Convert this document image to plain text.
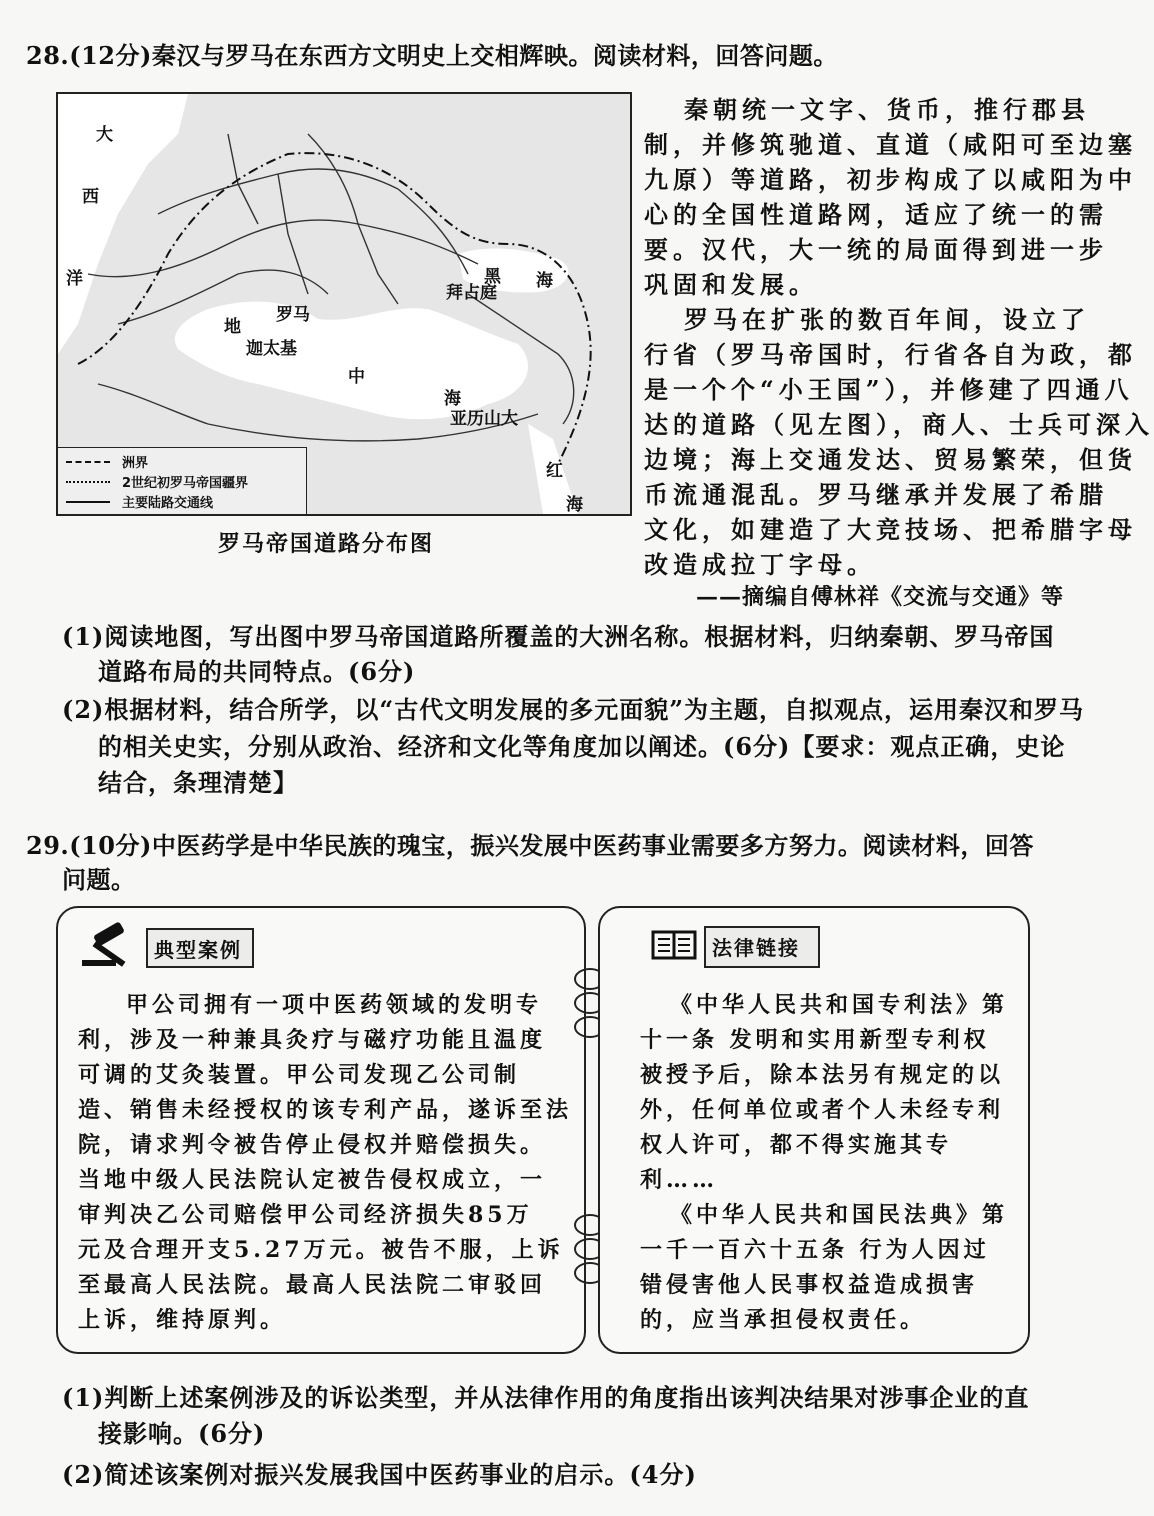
28.(12分)秦汉与罗马在东西方文明史上交相辉映。阅读材料，回答问题。
大
西
洋
地
中
海
罗马
迦太基
拜占庭
黑 海
亚历山大
红
海
洲界
2世纪初罗马帝国疆界
主要陆路交通线
罗马帝国道路分布图
秦朝统一文字、货币，推行郡县
制，并修筑驰道、直道（咸阳可至边塞
九原）等道路，初步构成了以咸阳为中
心的全国性道路网，适应了统一的需
要。汉代，大一统的局面得到进一步
巩固和发展。
罗马在扩张的数百年间，设立了
行省（罗马帝国时，行省各自为政，都
是一个个“小王国”），并修建了四通八
达的道路（见左图），商人、士兵可深入
边境；海上交通发达、贸易繁荣，但货
币流通混乱。罗马继承并发展了希腊
文化，如建造了大竞技场、把希腊字母
改造成拉丁字母。
——摘编自傅林祥《交流与交通》等
(1)阅读地图，写出图中罗马帝国道路所覆盖的大洲名称。根据材料，归纳秦朝、罗马帝国
道路布局的共同特点。(6分)
(2)根据材料，结合所学，以“古代文明发展的多元面貌”为主题，自拟观点，运用秦汉和罗马
的相关史实，分别从政治、经济和文化等角度加以阐述。(6分)【要求：观点正确，史论
结合，条理清楚】
29.(10分)中医药学是中华民族的瑰宝，振兴发展中医药事业需要多方努力。阅读材料，回答
问题。
典型案例
甲公司拥有一项中医药领域的发明专
利，涉及一种兼具灸疗与磁疗功能且温度
可调的艾灸装置。甲公司发现乙公司制
造、销售未经授权的该专利产品，遂诉至法
院，请求判令被告停止侵权并赔偿损失。
当地中级人民法院认定被告侵权成立，一
审判决乙公司赔偿甲公司经济损失85万
元及合理开支5.27万元。被告不服，上诉
至最高人民法院。最高人民法院二审驳回
上诉，维持原判。
法律链接
《中华人民共和国专利法》第
十一条 发明和实用新型专利权
被授予后，除本法另有规定的以
外，任何单位或者个人未经专利
权人许可，都不得实施其专
利……
《中华人民共和国民法典》第
一千一百六十五条 行为人因过
错侵害他人民事权益造成损害
的，应当承担侵权责任。
(1)判断上述案例涉及的诉讼类型，并从法律作用的角度指出该判决结果对涉事企业的直
接影响。(6分)
(2)简述该案例对振兴发展我国中医药事业的启示。(4分)
